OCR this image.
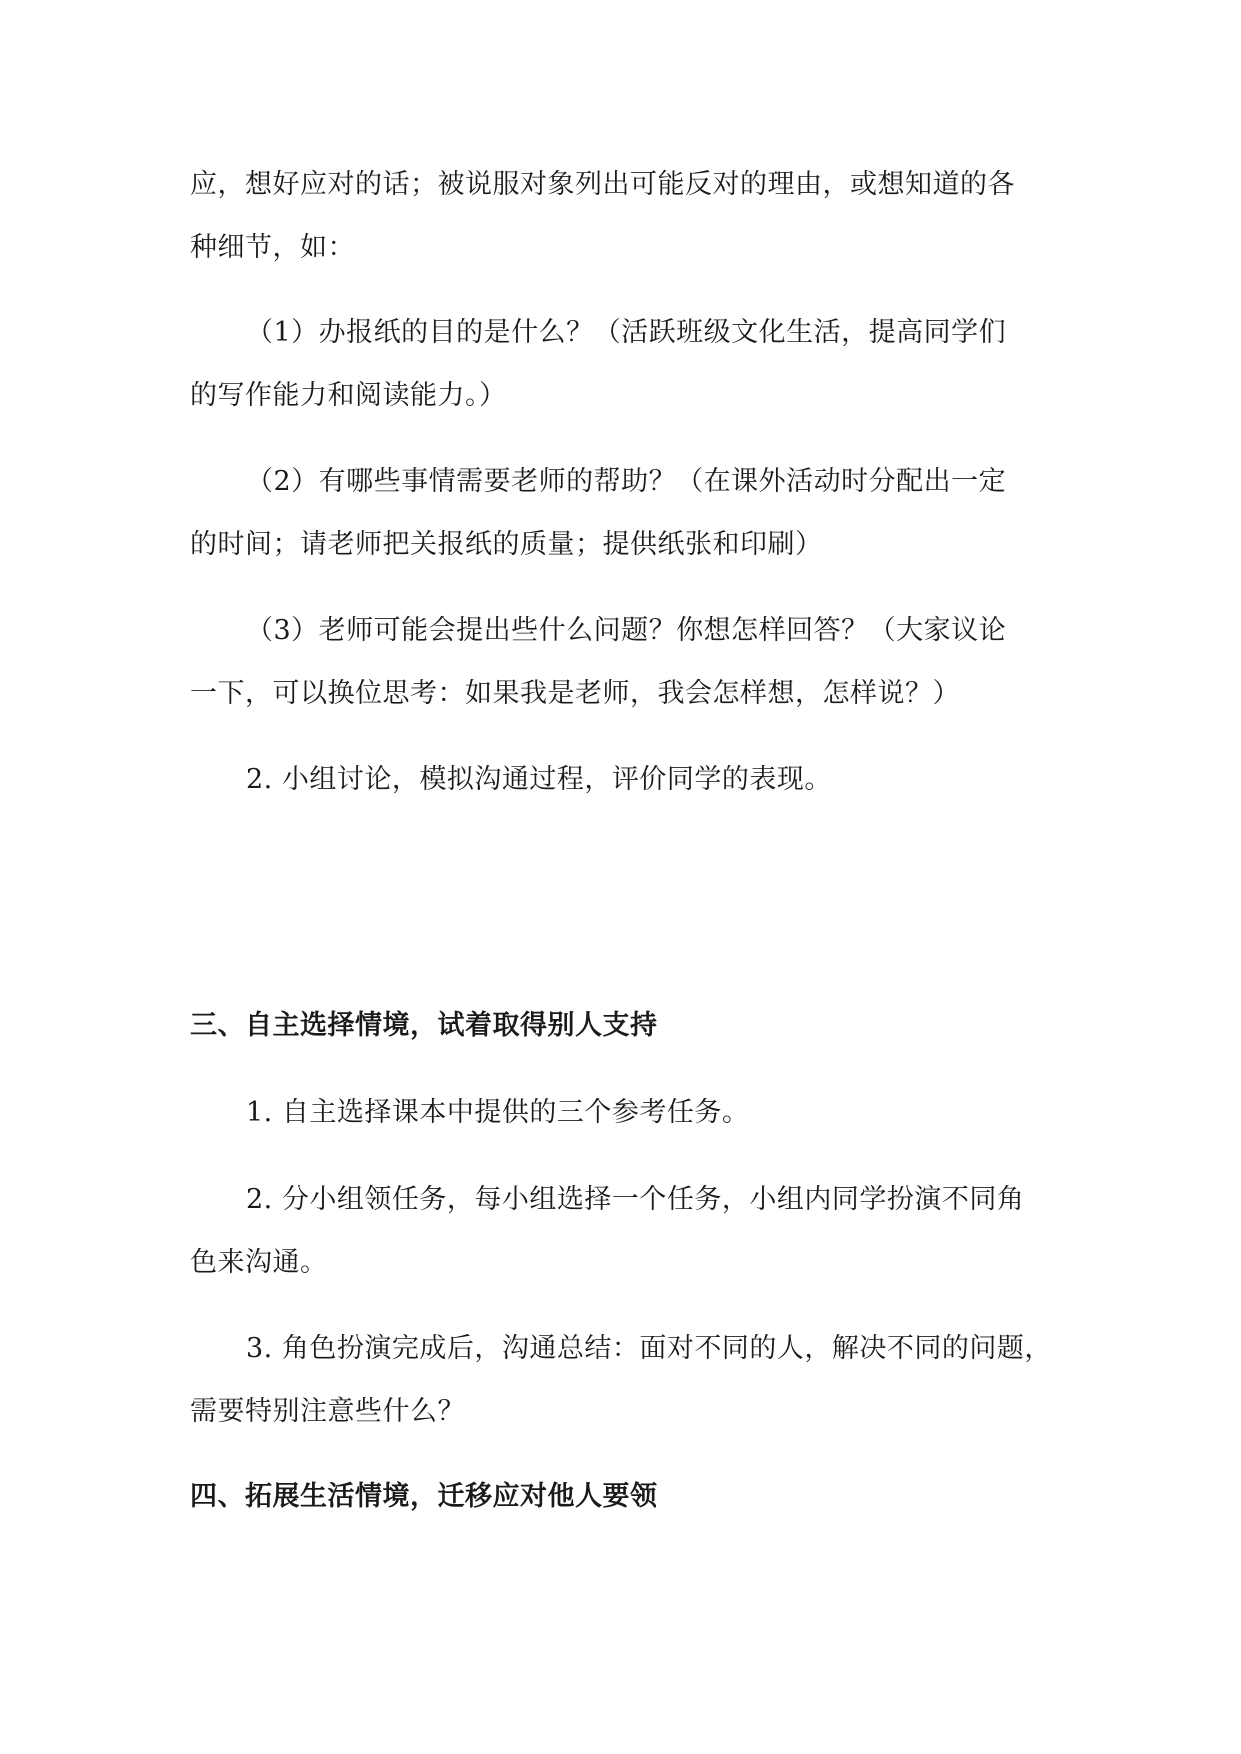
应，想好应对的话；被说服对象列出可能反对的理由，或想知道的各
种细节，如：
（1）办报纸的目的是什么？（活跃班级文化生活，提高同学们
的写作能力和阅读能力。）
（2）有哪些事情需要老师的帮助？（在课外活动时分配出一定
的时间；请老师把关报纸的质量；提供纸张和印刷）
（3）老师可能会提出些什么问题？你想怎样回答？（大家议论
一下，可以换位思考：如果我是老师，我会怎样想，怎样说？）
2. 小组讨论，模拟沟通过程，评价同学的表现。
三、自主选择情境，试着取得别人支持
1. 自主选择课本中提供的三个参考任务。
2. 分小组领任务，每小组选择一个任务，小组内同学扮演不同角
色来沟通。
3. 角色扮演完成后，沟通总结：面对不同的人，解决不同的问题，
需要特别注意些什么？
四、拓展生活情境，迁移应对他人要领
